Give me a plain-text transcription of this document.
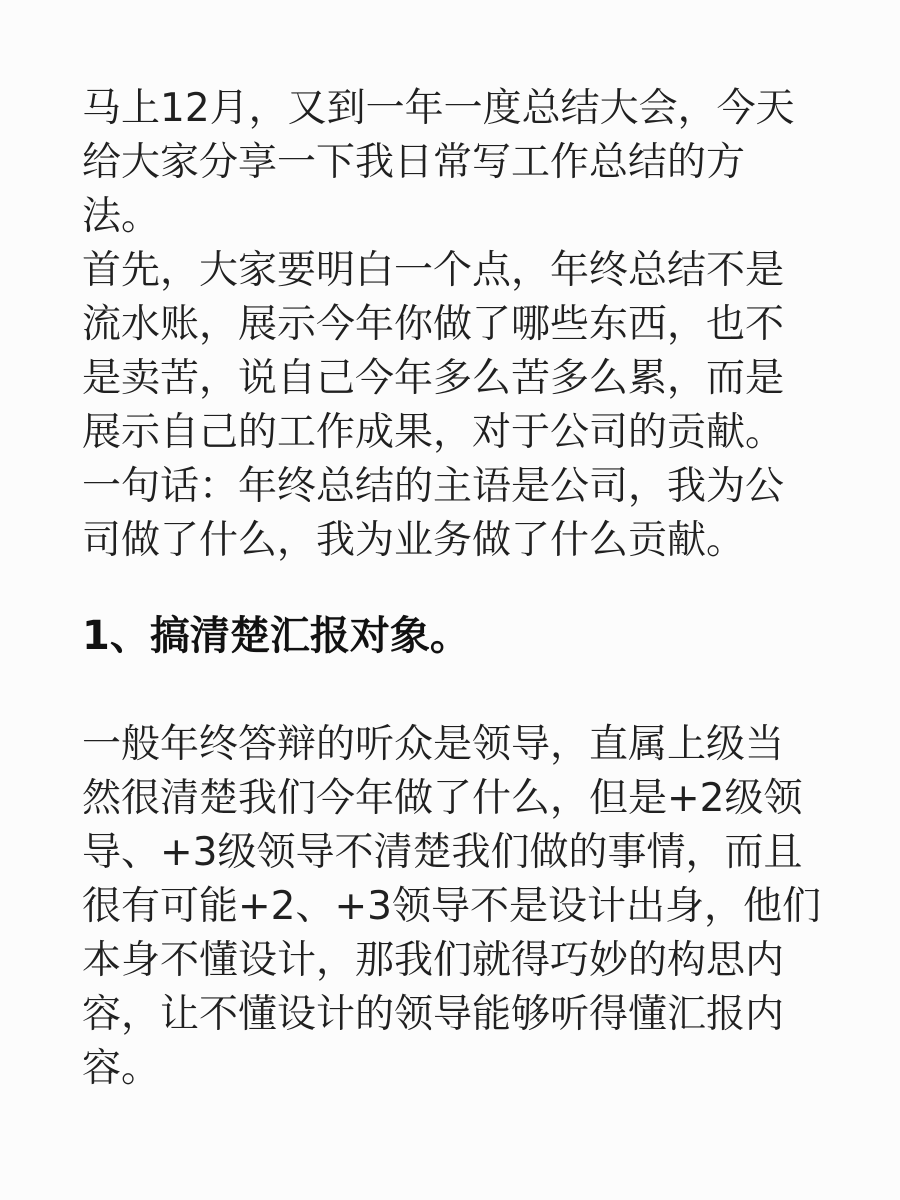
马上12月，又到一年一度总结大会，今天
给大家分享一下我日常写工作总结的方
法。

首先，大家要明白一个点，年终总结不是
流水账，展示今年你做了哪些东西，也不
是卖苦，说自己今年多么苦多么累，而是
展示自己的工作成果，对于公司的贡献。
一句话：年终总结的主语是公司，我为公
司做了什么，我为业务做了什么贡献。

1、搞清楚汇报对象。

一般年终答辩的听众是领导，直属上级当
然很清楚我们今年做了什么，但是+2级领
导、+3级领导不清楚我们做的事情，而且
很有可能+2、+3领导不是设计出身，他们
本身不懂设计，那我们就得巧妙的构思内
容，让不懂设计的领导能够听得懂汇报内
容。
